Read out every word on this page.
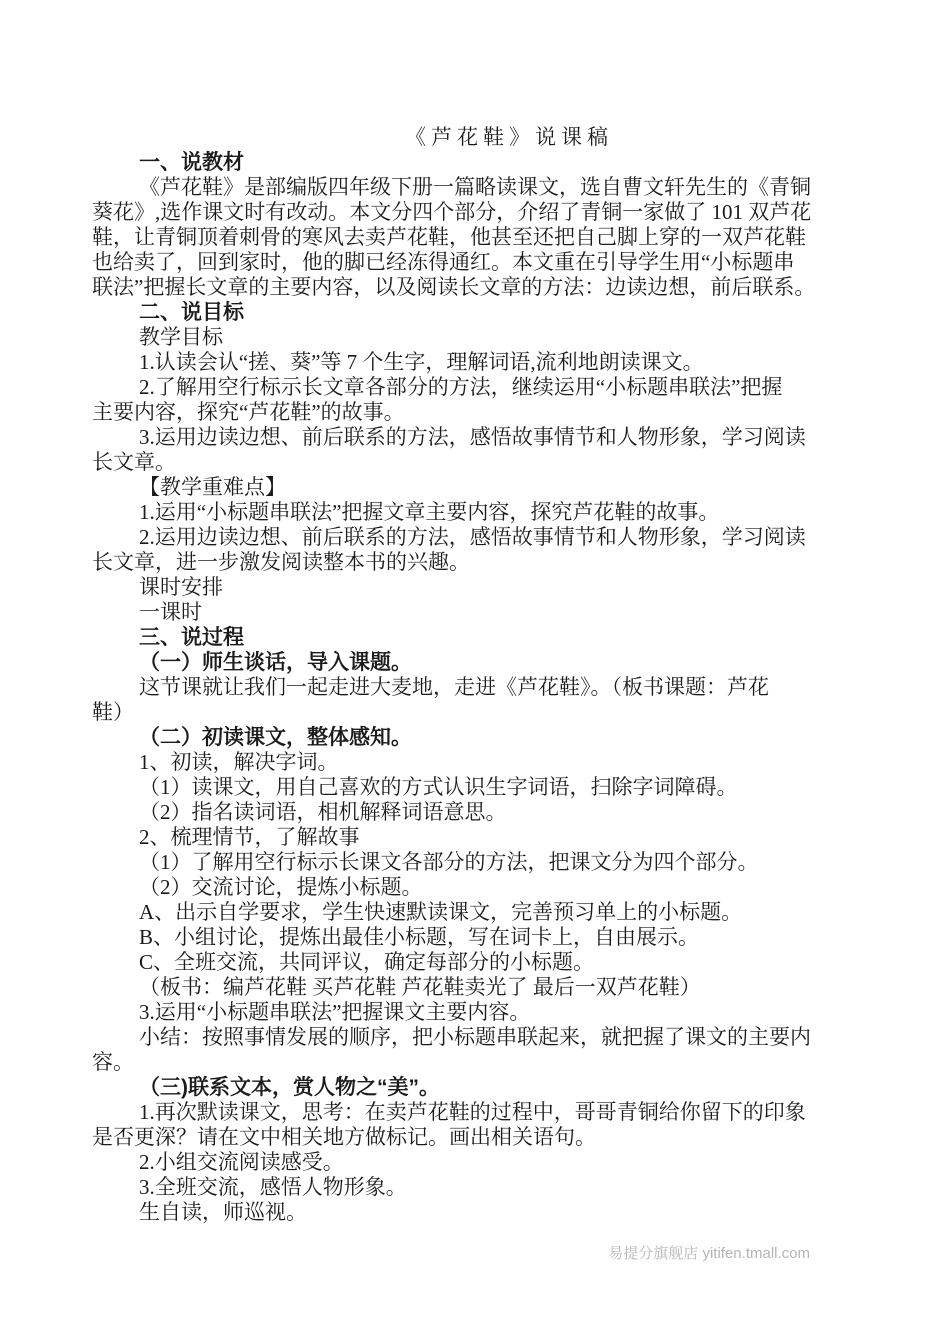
《芦花鞋》说课稿
一、说教材
《芦花鞋》是部编版四年级下册一篇略读课文，选自曹文轩先生的《青铜
葵花》,选作课文时有改动。本文分四个部分，介绍了青铜一家做了 101 双芦花
鞋，让青铜顶着刺骨的寒风去卖芦花鞋，他甚至还把自己脚上穿的一双芦花鞋
也给卖了，回到家时，他的脚已经冻得通红。本文重在引导学生用“小标题串
联法”把握长文章的主要内容，以及阅读长文章的方法：边读边想，前后联系。
二、说目标
教学目标
1.认读会认“搓、葵”等 7 个生字，理解词语,流利地朗读课文。
2.了解用空行标示长文章各部分的方法，继续运用“小标题串联法”把握
主要内容，探究“芦花鞋”的故事。
3.运用边读边想、前后联系的方法，感悟故事情节和人物形象，学习阅读
长文章。
【教学重难点】
1.运用“小标题串联法”把握文章主要内容，探究芦花鞋的故事。
2.运用边读边想、前后联系的方法，感悟故事情节和人物形象，学习阅读
长文章，进一步激发阅读整本书的兴趣。
课时安排
一课时
三、说过程
（一）师生谈话，导入课题。
这节课就让我们一起走进大麦地，走进《芦花鞋》。（板书课题：芦花
鞋）
（二）初读课文，整体感知。
1、初读，解决字词。
（1）读课文，用自己喜欢的方式认识生字词语，扫除字词障碍。
（2）指名读词语，相机解释词语意思。
2、梳理情节，了解故事
（1）了解用空行标示长课文各部分的方法，把课文分为四个部分。
（2）交流讨论，提炼小标题。
A、出示自学要求，学生快速默读课文，完善预习单上的小标题。
B、小组讨论，提炼出最佳小标题，写在词卡上，自由展示。
C、全班交流，共同评议，确定每部分的小标题。
（板书：编芦花鞋 买芦花鞋 芦花鞋卖光了 最后一双芦花鞋）
3.运用“小标题串联法”把握课文主要内容。
小结：按照事情发展的顺序，把小标题串联起来，就把握了课文的主要内
容。
（三)联系文本，赏人物之“美”。
1.再次默读课文，思考：在卖芦花鞋的过程中，哥哥青铜给你留下的印象
是否更深？请在文中相关地方做标记。画出相关语句。
2.小组交流阅读感受。
3.全班交流，感悟人物形象。
生自读，师巡视。
易提分旗舰店 yitifen.tmall.com
